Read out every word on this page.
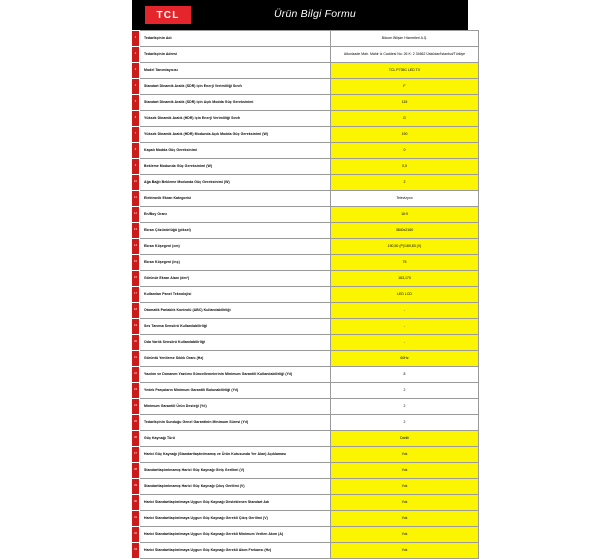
TCL	Ürün Bilgi Formu
1	Tedarikçinin Adı	Bilcom Bilişim Hizmetleri A.Ş.
2	Tedarikçinin Adresi	Altunizade Mah. Mahir İz Caddesi No: 26 K: 2 34662 Üsküdar/İstanbul/Türkiye
3	Model Tanımlayıcısı	TCL P735C LED TV
4	Standart Dinamik Aralık (SDR) için Enerji Verimliliği Sınıfı	F
5	Standart Dinamik Aralık (SDR) için Açık Modda Güç Gereksinimi	115
6	Yüksek Dinamik Aralık (HDR) için Enerji Verimliliği Sınıfı	G
7	Yüksek Dinamik Aralık (HDR) Modunda Açık Modda Güç Gereksinimi (W)	190
8	Kapalı Modda Güç Gereksinimi	0
9	Bekleme Modunda Güç Gereksinimi (W)	0,5
10	Ağa Bağlı Bekleme Modunda Güç Gereksinimi (W)	2
11	Elektronik Ekran Kategorisi	Televizyon
12	En/Boy Oranı	16:9
13	Ekran Çözünürlüğü (piksel)	3840x2160
14	Ekran Köşegeni (cm)	190,50 (P)/189,83 (V)
15	Ekran Köşegeni (inç)	75
16	Görünür Ekran Alanı (dm²)	163,170
17	Kullanılan Panel Teknolojisi	LED LCD
18	Otomatik Parlaklık Kontrolü (ABC) Kullanılabilirliği	-
19	Ses Tanıma Sensörü Kullanılabilirliği	-
20	Oda Varlık Sensörü Kullanılabilirliği	-
21	Görüntü Yenileme Sıklık Oranı (Hz)	60Hz
22	Yazılım ve Donanım Yazılımı Güncellemelerinin Minimum Garantili Kullanılabilirliği (Yıl)	8
23	Yedek Parçaların Minimum Garantili Bulunabilirliği (Yıl)	2
24	Minimum Garantili Ürün Desteği (Yıl)	2
25	Tedarikçinin Sunduğu Genel Garantinin Minimum Süresi (Yıl)	2
26	Güç Kaynağı Türü	Dahili
27	Harici Güç Kaynağı (Standartlaştırılmamış ve Ürün Kutusunda Yer Alan) Açıklaması	Yok
28	Standartlaştırılmamış Harici Güç Kaynağı Giriş Gerilimi (V)	Yok
29	Standartlaştırılmamış Harici Güç Kaynağı Çıkış Gerilimi (V)	Yok
30	Harici Standartlaştırılmaya Uygun Güç Kaynağı Desteklenen Standart Adı	Yok
31	Harici Standartlaştırılmaya Uygun Güç Kaynağı Gerekli Çıkış Gerilimi (V)	Yok
32	Harici Standartlaştırılmaya Uygun Güç Kaynağı Gerekli Minimum Verilen Akım (A)	Yok
33	Harici Standartlaştırılmaya Uygun Güç Kaynağı Gerekli Akım Frekansı (Hz)	Yok
